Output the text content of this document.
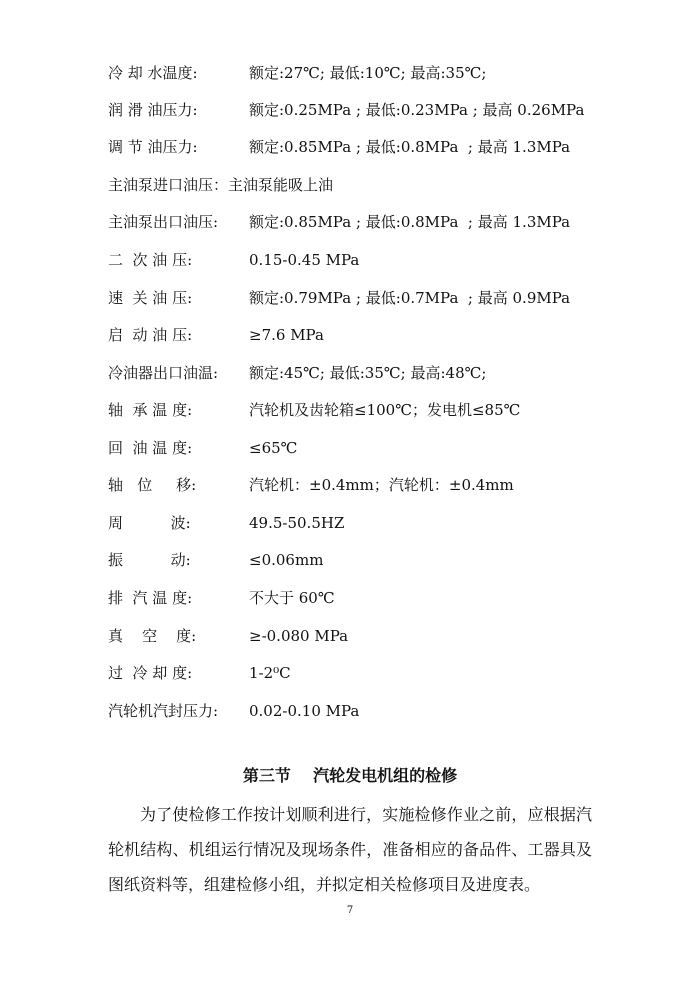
冷 却 水温度:	额定:27℃; 最低:10℃; 最高:35℃;
润 滑 油压力:	额定:0.25MPa ; 最低:0.23MPa ; 最高 0.26MPa
调 节 油压力:	额定:0.85MPa ; 最低:0.8MPa  ; 最高 1.3MPa
主油泵进口油压：主油泵能吸上油
主油泵出口油压:	额定:0.85MPa ; 最低:0.8MPa  ; 最高 1.3MPa
二  次 油 压:	0.15-0.45 MPa
速  关 油 压:	额定:0.79MPa ; 最低:0.7MPa  ; 最高 0.9MPa
启  动 油 压:	≥7.6 MPa
冷油器出口油温:	额定:45℃; 最低:35℃; 最高:48℃;
轴  承 温 度:	汽轮机及齿轮箱≤100℃；发电机≤85℃
回  油 温 度:	≤65℃
轴   位     移:	汽轮机：±0.4mm；汽轮机：±0.4mm
周          波:	49.5-50.5HZ
振          动:	≤0.06mm
排  汽 温 度:	不大于 60℃
真    空    度:	≥-0.080 MPa
过  冷 却 度:	1-2⁰C
汽轮机汽封压力:	0.02-0.10 MPa
第三节    汽轮发电机组的检修
为了使检修工作按计划顺利进行，实施检修作业之前，应根据汽轮机结构、机组运行情况及现场条件，准备相应的备品件、工器具及图纸资料等，组建检修小组，并拟定相关检修项目及进度表。
7
